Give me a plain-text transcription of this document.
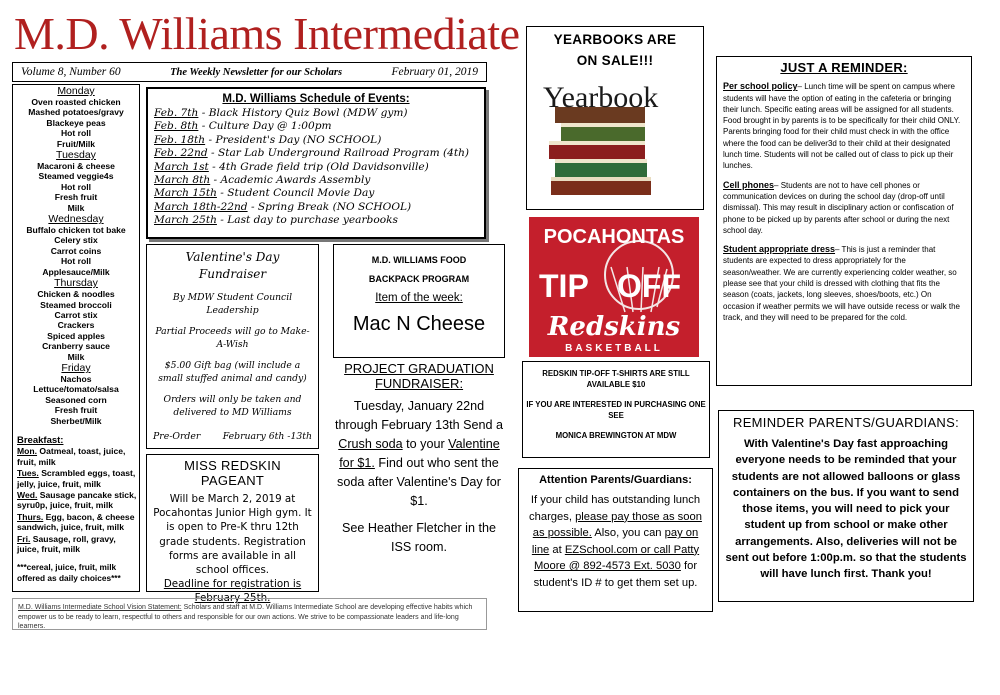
M.D. Williams Intermediate
Volume 8, Number 60	The Weekly Newsletter for our Scholars	February 01, 2019
Monday
Oven roasted chicken
Mashed potatoes/gravy
Blackeye peas
Hot roll
Fruit/Milk
Tuesday
Macaroni & cheese
Steamed veggie4s
Hot roll
Fresh fruit
Milk
Wednesday
Buffalo chicken tot bake
Celery stix
Carrot coins
Hot roll
Applesauce/Milk
Thursday
Chicken & noodles
Steamed broccoli
Carrot stix
Crackers
Spiced apples
Cranberry sauce
Milk
Friday
Nachos
Lettuce/tomato/salsa
Seasoned corn
Fresh fruit
Sherbet/Milk
Breakfast:
Mon. Oatmeal, toast, juice, fruit, milk
Tues. Scrambled eggs, toast, jelly, juice, fruit, milk
Wed. Sausage pancake stick, syru0p, juice, fruit, milk
Thurs. Egg, bacon, & cheese sandwich, juice, fruit, milk
Fri. Sausage, roll, gravy, juice, fruit, milk
***cereal, juice, fruit, milk offered as daily choices***
M.D. Williams Schedule of Events:
Feb. 7th - Black History Quiz Bowl (MDW gym)
Feb. 8th - Culture Day @ 1:00pm
Feb. 18th - President's Day (NO SCHOOL)
Feb. 22nd - Star Lab Underground Railroad Program (4th)
March 1st - 4th Grade field trip (Old Davidsonville)
March 8th - Academic Awards Assembly
March 15th - Student Council Movie Day
March 18th-22nd - Spring Break (NO SCHOOL)
March 25th - Last day to purchase yearbooks
Valentine's Day Fundraiser
By MDW Student Council Leadership
Partial Proceeds will go to Make-A-Wish
$5.00 Gift bag (will include a small stuffed animal and candy)
Orders will only be taken and delivered to MD Williams
Pre-Order February 6th -13th
MISS REDSKIN PAGEANT
Will be March 2, 2019 at Pocahontas Junior High gym. It is open to Pre-K thru 12th grade students. Registration forms are available in all school offices.
Deadline for registration is February 25th.
M.D. WILLIAMS FOOD
BACKPACK PROGRAM
Item of the week:
Mac N Cheese
PROJECT GRADUATION FUNDRAISER:
Tuesday, January 22nd through February 13th Send a Crush soda to your Valentine for $1. Find out who sent the soda after Valentine's Day for $1.
See Heather Fletcher in the ISS room.
M.D. Williams Intermediate School Vision Statement: Scholars and staff at M.D. Williams Intermediate School are developing effective habits which empower us to be ready to learn, respectful to others and responsible for our own actions. We strive to be compassionate leaders and life-long learners.
YEARBOOKS ARE
ON SALE!!!
Yearbook
POCAHONTAS
TIP OFF
Redskins
BASKETBALL
REDSKIN TIP-OFF T-SHIRTS ARE STILL AVAILABLE $10
IF YOU ARE INTERESTED IN PURCHASING ONE SEE
MONICA BREWINGTON AT MDW
Attention Parents/Guardians:
If your child has outstanding lunch charges, please pay those as soon as possible. Also, you can pay on line at EZSchool.com or call Patty Moore @ 892-4573 Ext. 5030 for student's ID # to get them set up.
JUST A REMINDER:
Per school policy– Lunch time will be spent on campus where students will have the option of eating in the cafeteria or bringing their lunch. Specific eating areas will be assigned for all students. Food brought in by parents is to be specifically for their child ONLY. Parents bringing food for their child must check in with the office where the food can be deliver3d to their child at their designated lunch time. Students will not be called out of class to pick up their lunches.
Cell phones– Students are not to have cell phones or communication devices on during the school day (drop-off until dismissal). This may result in disciplinary action or confiscation of phone to be picked up by parents after school or during the next school day.
Student appropriate dress– This is just a reminder that students are expected to dress appropriately for the season/weather. We are currently experiencing colder weather, so please see that your child is dressed with clothing that fits the season (coats, jackets, long sleeves, shoes/boots, etc.) On occasion if weather permits we will have outside recess or walk the track, and they will need to be prepared for the cold.
REMINDER PARENTS/GUARDIANS:
With Valentine's Day fast approaching everyone needs to be reminded that your students are not allowed balloons or glass containers on the bus. If you want to send those items, you will need to pick your student up from school or make other arrangements. Also, deliveries will not be sent out before 1:00p.m. so that the students will have lunch first. Thank you!
